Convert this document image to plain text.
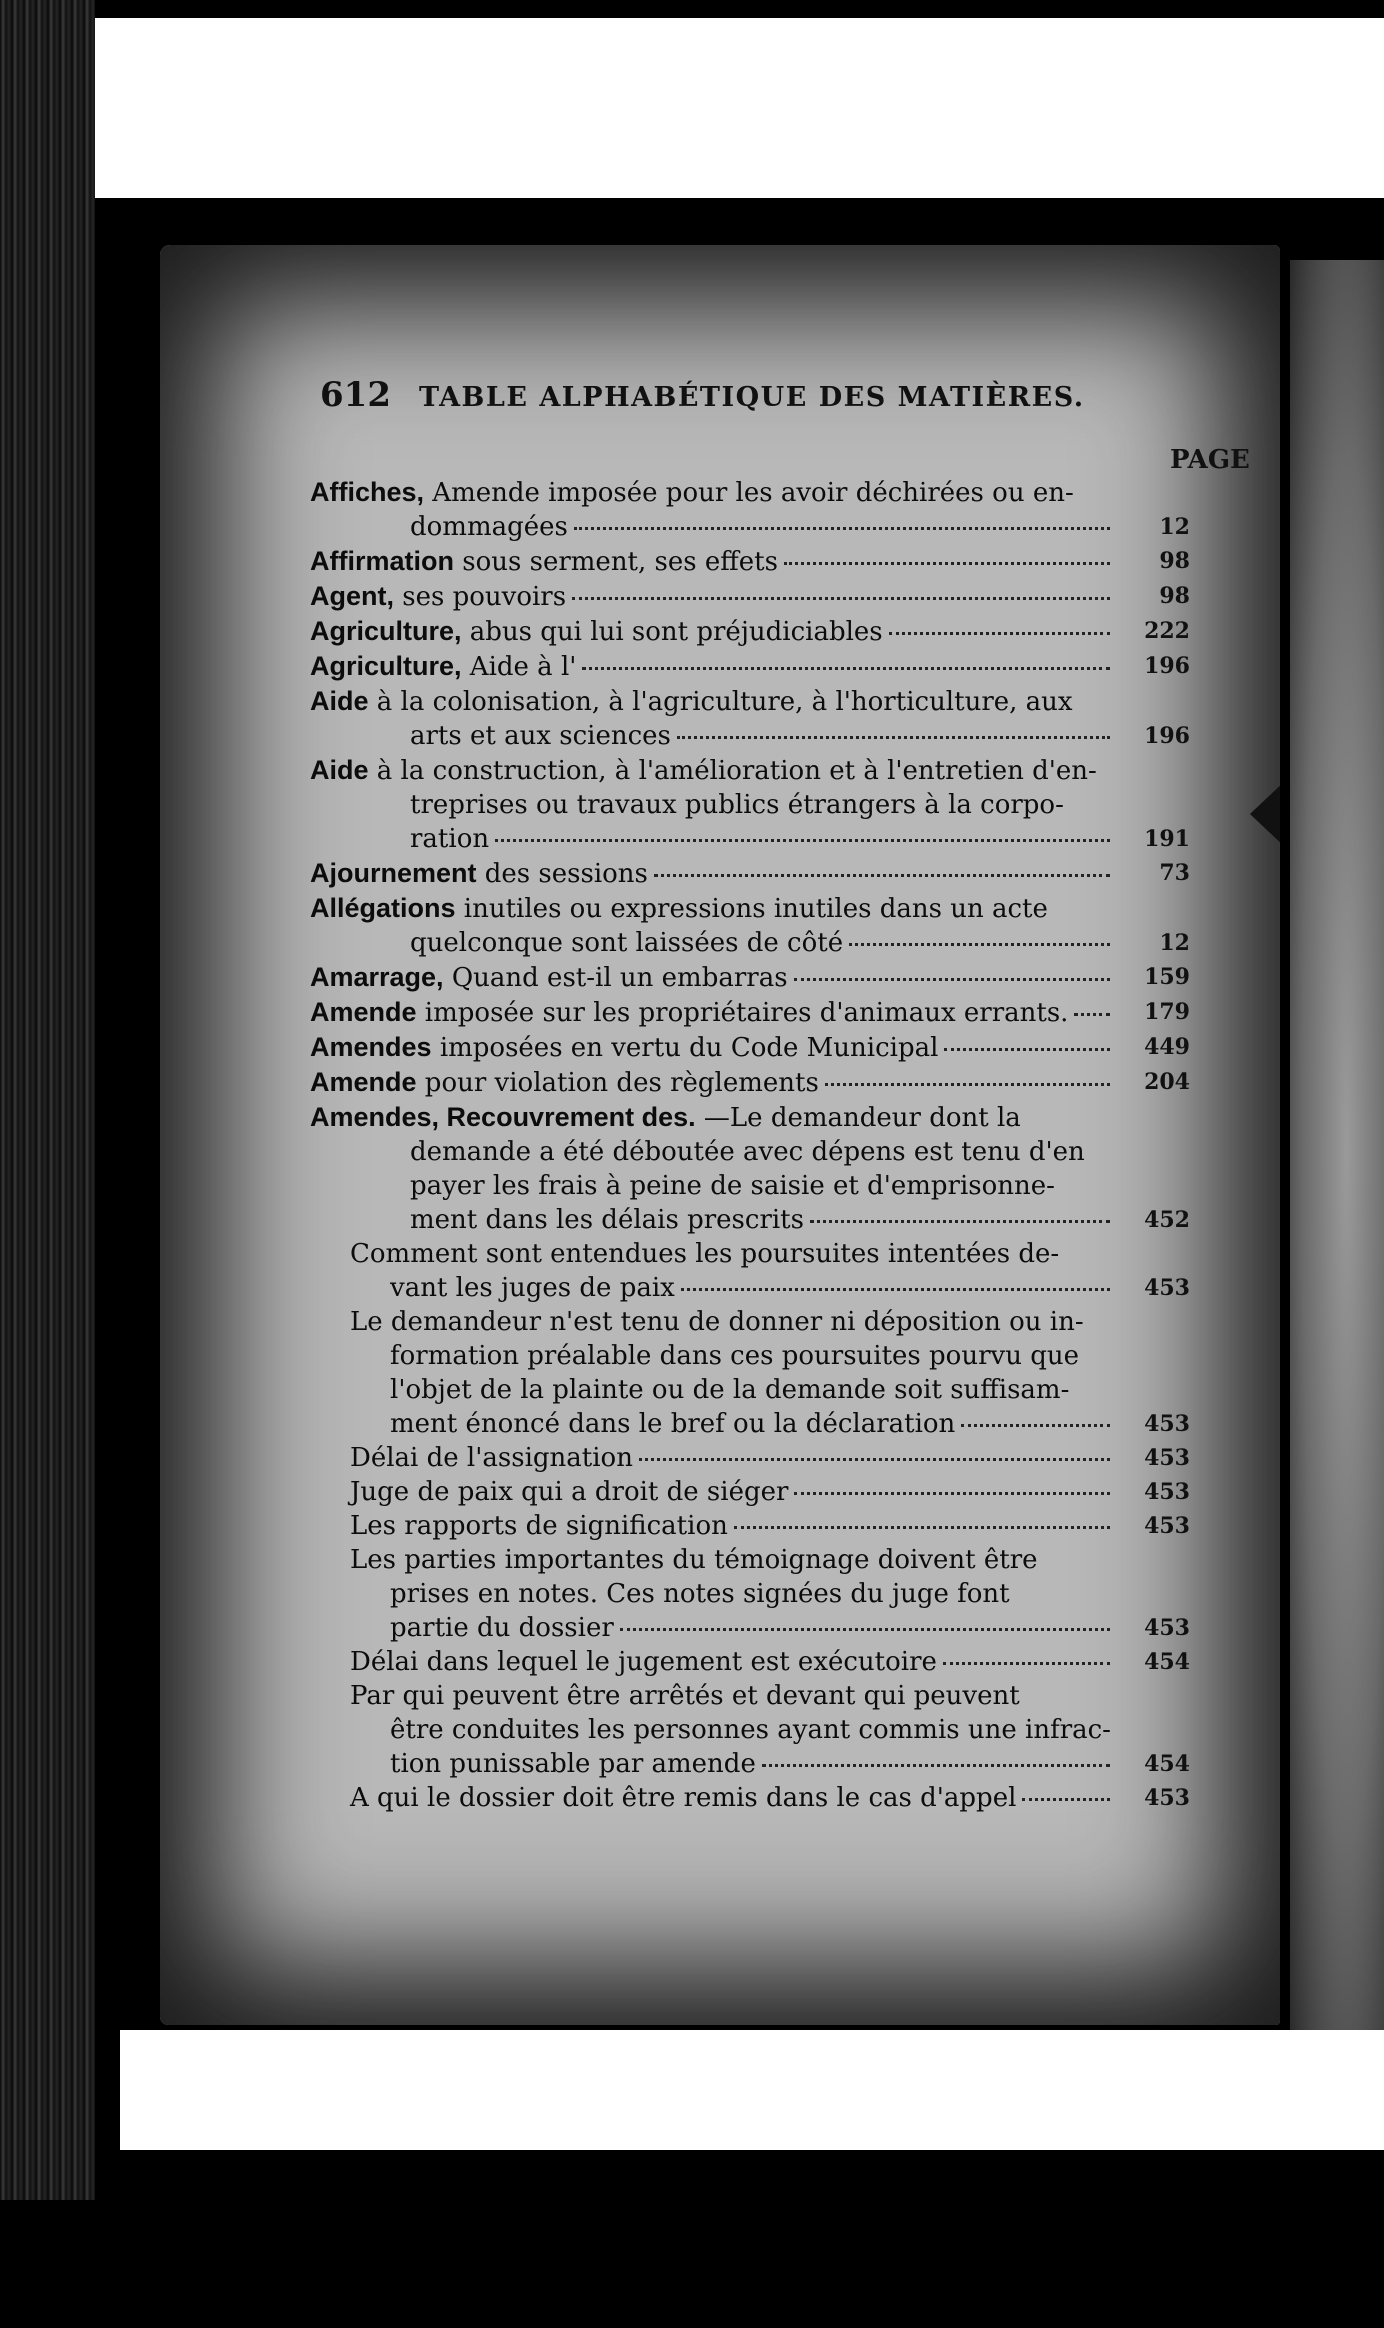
612 TABLE ALPHABÉTIQUE DES MATIÈRES.
PAGE
Affiches, Amende imposée pour les avoir déchirées ou en-
dommagées	12
Affirmation sous serment, ses effets	98
Agent, ses pouvoirs	98
Agriculture, abus qui lui sont préjudiciables	222
Agriculture, Aide à l'	196
Aide à la colonisation, à l'agriculture, à l'horticulture, aux
arts et aux sciences	196
Aide à la construction, à l'amélioration et à l'entretien d'en-
treprises ou travaux publics étrangers à la corpo-
ration	191
Ajournement des sessions	73
Allégations inutiles ou expressions inutiles dans un acte
quelconque sont laissées de côté	12
Amarrage, Quand est-il un embarras	159
Amende imposée sur les propriétaires d'animaux errants.	179
Amendes imposées en vertu du Code Municipal	449
Amende pour violation des règlements	204
Amendes, Recouvrement des. —Le demandeur dont la
demande a été déboutée avec dépens est tenu d'en
payer les frais à peine de saisie et d'emprisonne-
ment dans les délais prescrits	452
Comment sont entendues les poursuites intentées de-
vant les juges de paix	453
Le demandeur n'est tenu de donner ni déposition ou in-
formation préalable dans ces poursuites pourvu que
l'objet de la plainte ou de la demande soit suffisam-
ment énoncé dans le bref ou la déclaration	453
Délai de l'assignation	453
Juge de paix qui a droit de siéger	453
Les rapports de signification	453
Les parties importantes du témoignage doivent être
prises en notes. Ces notes signées du juge font
partie du dossier	453
Délai dans lequel le jugement est exécutoire	454
Par qui peuvent être arrêtés et devant qui peuvent
être conduites les personnes ayant commis une infrac-
tion punissable par amende	454
A qui le dossier doit être remis dans le cas d'appel	453
